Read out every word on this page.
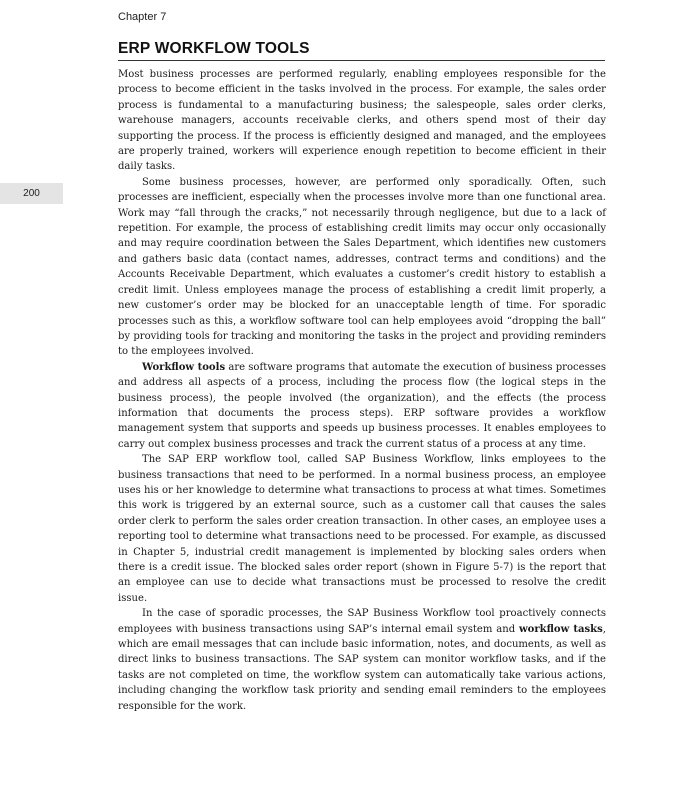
Chapter 7
ERP WORKFLOW TOOLS
200

Most business processes are performed regularly, enabling employees responsible for the process to become efficient in the tasks involved in the process. For example, the sales order process is fundamental to a manufacturing business; the salespeople, sales order clerks, warehouse managers, accounts receivable clerks, and others spend most of their day supporting the process. If the process is efficiently designed and managed, and the employees are properly trained, workers will experience enough repetition to become efficient in their daily tasks.

Some business processes, however, are performed only sporadically. Often, such processes are inefficient, especially when the processes involve more than one functional area. Work may “fall through the cracks,” not necessarily through negligence, but due to a lack of repetition. For example, the process of establishing credit limits may occur only occasionally and may require coordination between the Sales Department, which identifies new customers and gathers basic data (contact names, addresses, contract terms and conditions) and the Accounts Receivable Department, which evaluates a customer’s credit history to establish a credit limit. Unless employees manage the process of establishing a credit limit properly, a new customer’s order may be blocked for an unacceptable length of time. For sporadic processes such as this, a workflow software tool can help employees avoid “dropping the ball” by providing tools for tracking and monitoring the tasks in the project and providing reminders to the employees involved.

Workflow tools are software programs that automate the execution of business processes and address all aspects of a process, including the process flow (the logical steps in the business process), the people involved (the organization), and the effects (the process information that documents the process steps). ERP software provides a workflow management system that supports and speeds up business processes. It enables employees to carry out complex business processes and track the current status of a process at any time.

The SAP ERP workflow tool, called SAP Business Workflow, links employees to the business transactions that need to be performed. In a normal business process, an employee uses his or her knowledge to determine what transactions to process at what times. Sometimes this work is triggered by an external source, such as a customer call that causes the sales order clerk to perform the sales order creation transaction. In other cases, an employee uses a reporting tool to determine what transactions need to be processed. For example, as discussed in Chapter 5, industrial credit management is implemented by blocking sales orders when there is a credit issue. The blocked sales order report (shown in Figure 5-7) is the report that an employee can use to decide what transactions must be processed to resolve the credit issue.

In the case of sporadic processes, the SAP Business Workflow tool proactively connects employees with business transactions using SAP’s internal email system and workflow tasks, which are email messages that can include basic information, notes, and documents, as well as direct links to business transactions. The SAP system can monitor workflow tasks, and if the tasks are not completed on time, the workflow system can automatically take various actions, including changing the workflow task priority and sending email reminders to the employees responsible for the work.
